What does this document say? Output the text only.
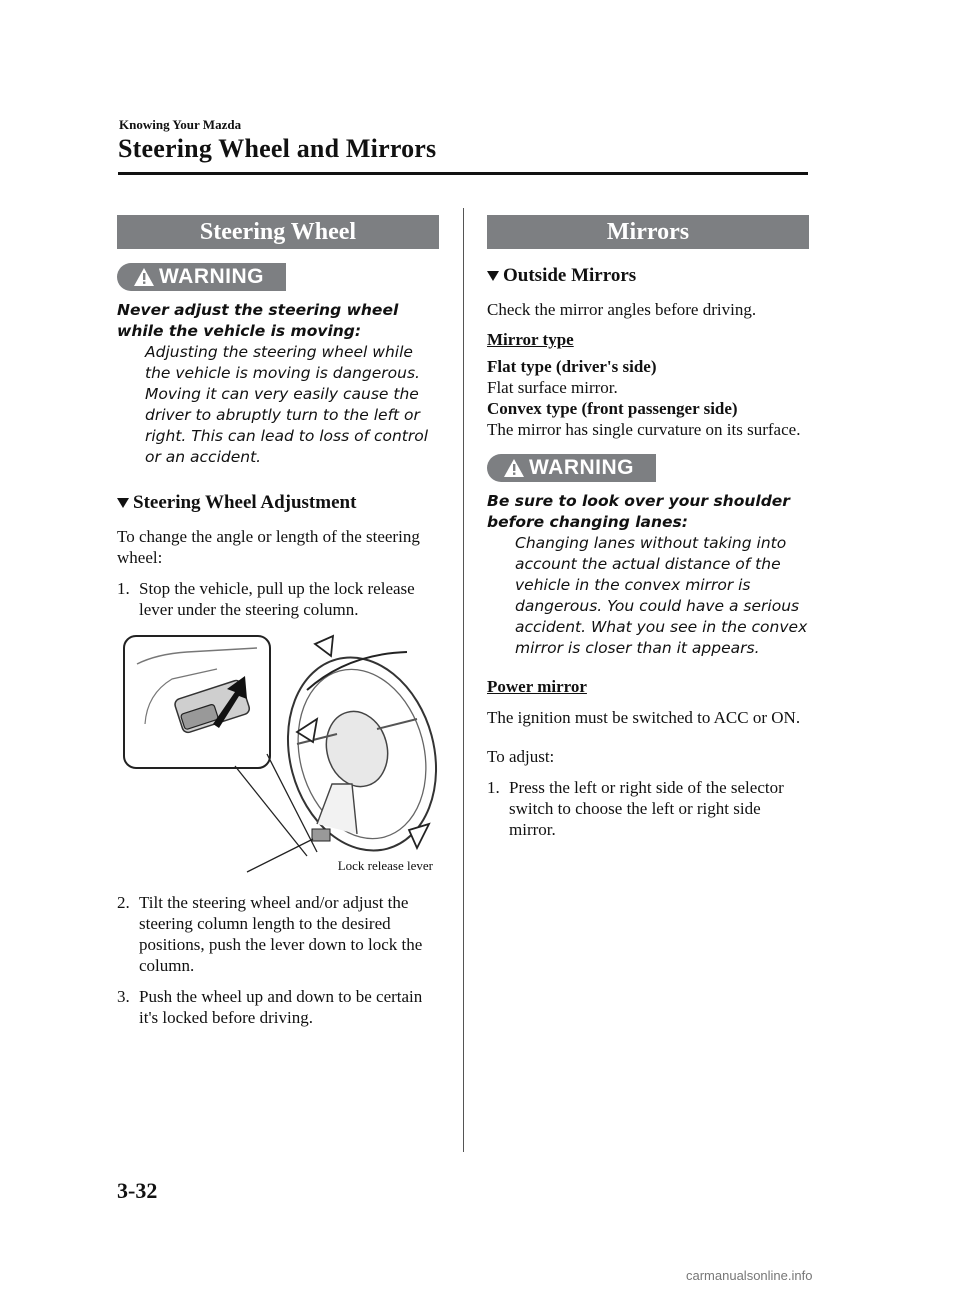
Knowing Your Mazda
Steering Wheel and Mirrors
Steering Wheel
WARNING
Never adjust the steering wheel while the vehicle is moving:
Adjusting the steering wheel while the vehicle is moving is dangerous. Moving it can very easily cause the driver to abruptly turn to the left or right. This can lead to loss of control or an accident.
Steering Wheel Adjustment
To change the angle or length of the steering wheel:
1. Stop the vehicle, pull up the lock release lever under the steering column.
Lock release lever
2. Tilt the steering wheel and/or adjust the steering column length to the desired positions, push the lever down to lock the column.
3. Push the wheel up and down to be certain it's locked before driving.
Mirrors
Outside Mirrors
Check the mirror angles before driving.
Mirror type
Flat type (driver's side)
Flat surface mirror.
Convex type (front passenger side)
The mirror has single curvature on its surface.
WARNING
Be sure to look over your shoulder before changing lanes:
Changing lanes without taking into account the actual distance of the vehicle in the convex mirror is dangerous. You could have a serious accident. What you see in the convex mirror is closer than it appears.
Power mirror
The ignition must be switched to ACC or ON.
To adjust:
1. Press the left or right side of the selector switch to choose the left or right side mirror.
3-32
carmanualsonline.info
